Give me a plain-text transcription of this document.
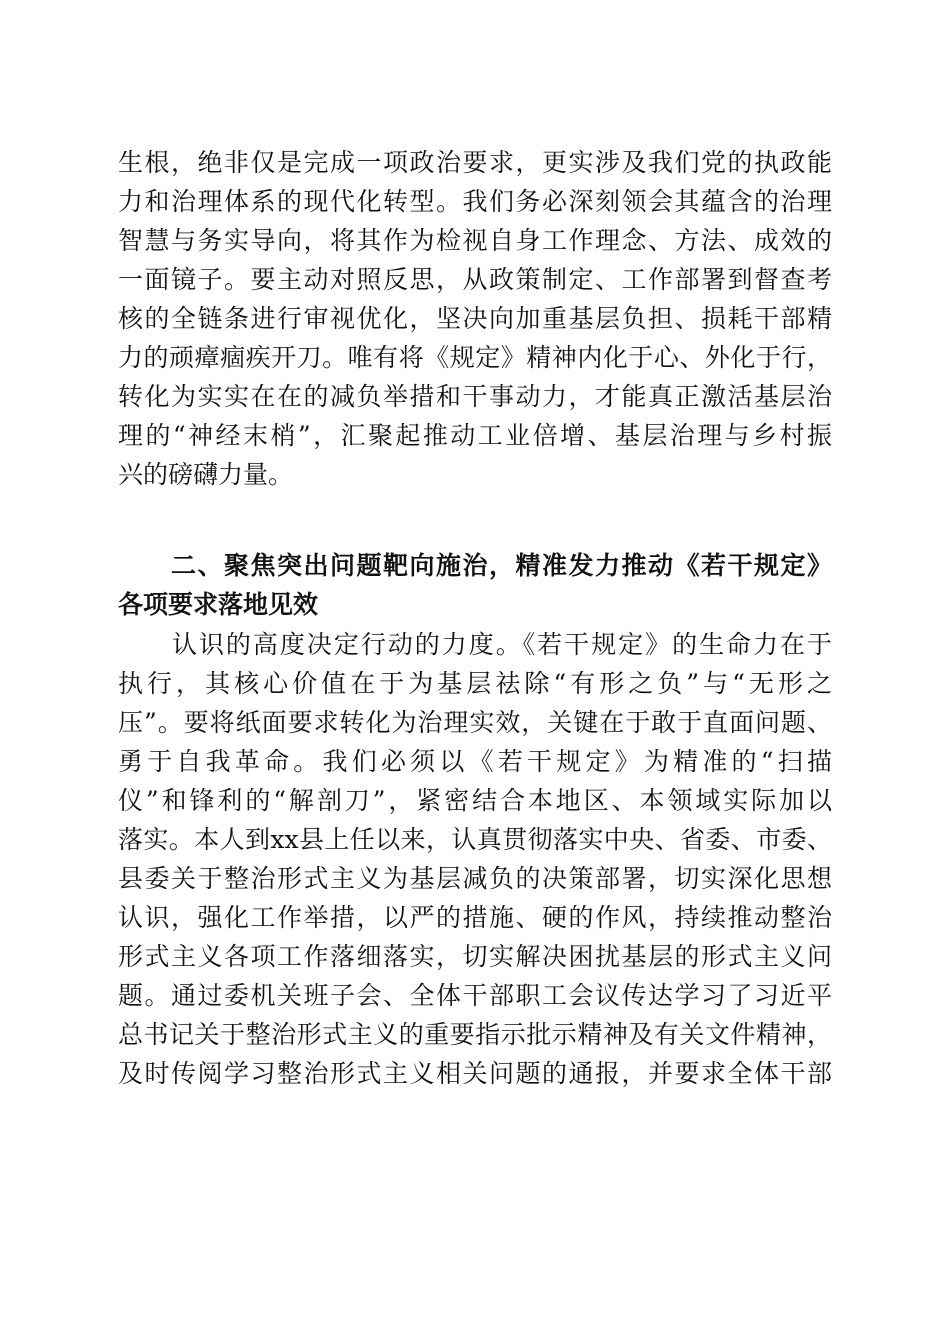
生根，绝非仅是完成一项政治要求，更实涉及我们党的执政能
力和治理体系的现代化转型。我们务必深刻领会其蕴含的治理
智慧与务实导向，将其作为检视自身工作理念、方法、成效的
一面镜子。要主动对照反思，从政策制定、工作部署到督查考
核的全链条进行审视优化，坚决向加重基层负担、损耗干部精
力的顽瘴痼疾开刀。唯有将《规定》精神内化于心、外化于行，
转化为实实在在的减负举措和干事动力，才能真正激活基层治
理的“神经末梢”，汇聚起推动工业倍增、基层治理与乡村振
兴的磅礴力量。
　　二、聚焦突出问题靶向施治，精准发力推动《若干规定》
各项要求落地见效
　　认识的高度决定行动的力度。《若干规定》的生命力在于
执行，其核心价值在于为基层祛除“有形之负”与“无形之
压”。要将纸面要求转化为治理实效，关键在于敢于直面问题、
勇于自我革命。我们必须以《若干规定》为精准的“扫描
仪”和锋利的“解剖刀”，紧密结合本地区、本领域实际加以
落实。本人到xx县上任以来，认真贯彻落实中央、省委、市委、
县委关于整治形式主义为基层减负的决策部署，切实深化思想
认识，强化工作举措，以严的措施、硬的作风，持续推动整治
形式主义各项工作落细落实，切实解决困扰基层的形式主义问
题。通过委机关班子会、全体干部职工会议传达学习了习近平
总书记关于整治形式主义的重要指示批示精神及有关文件精神，
及时传阅学习整治形式主义相关问题的通报，并要求全体干部
